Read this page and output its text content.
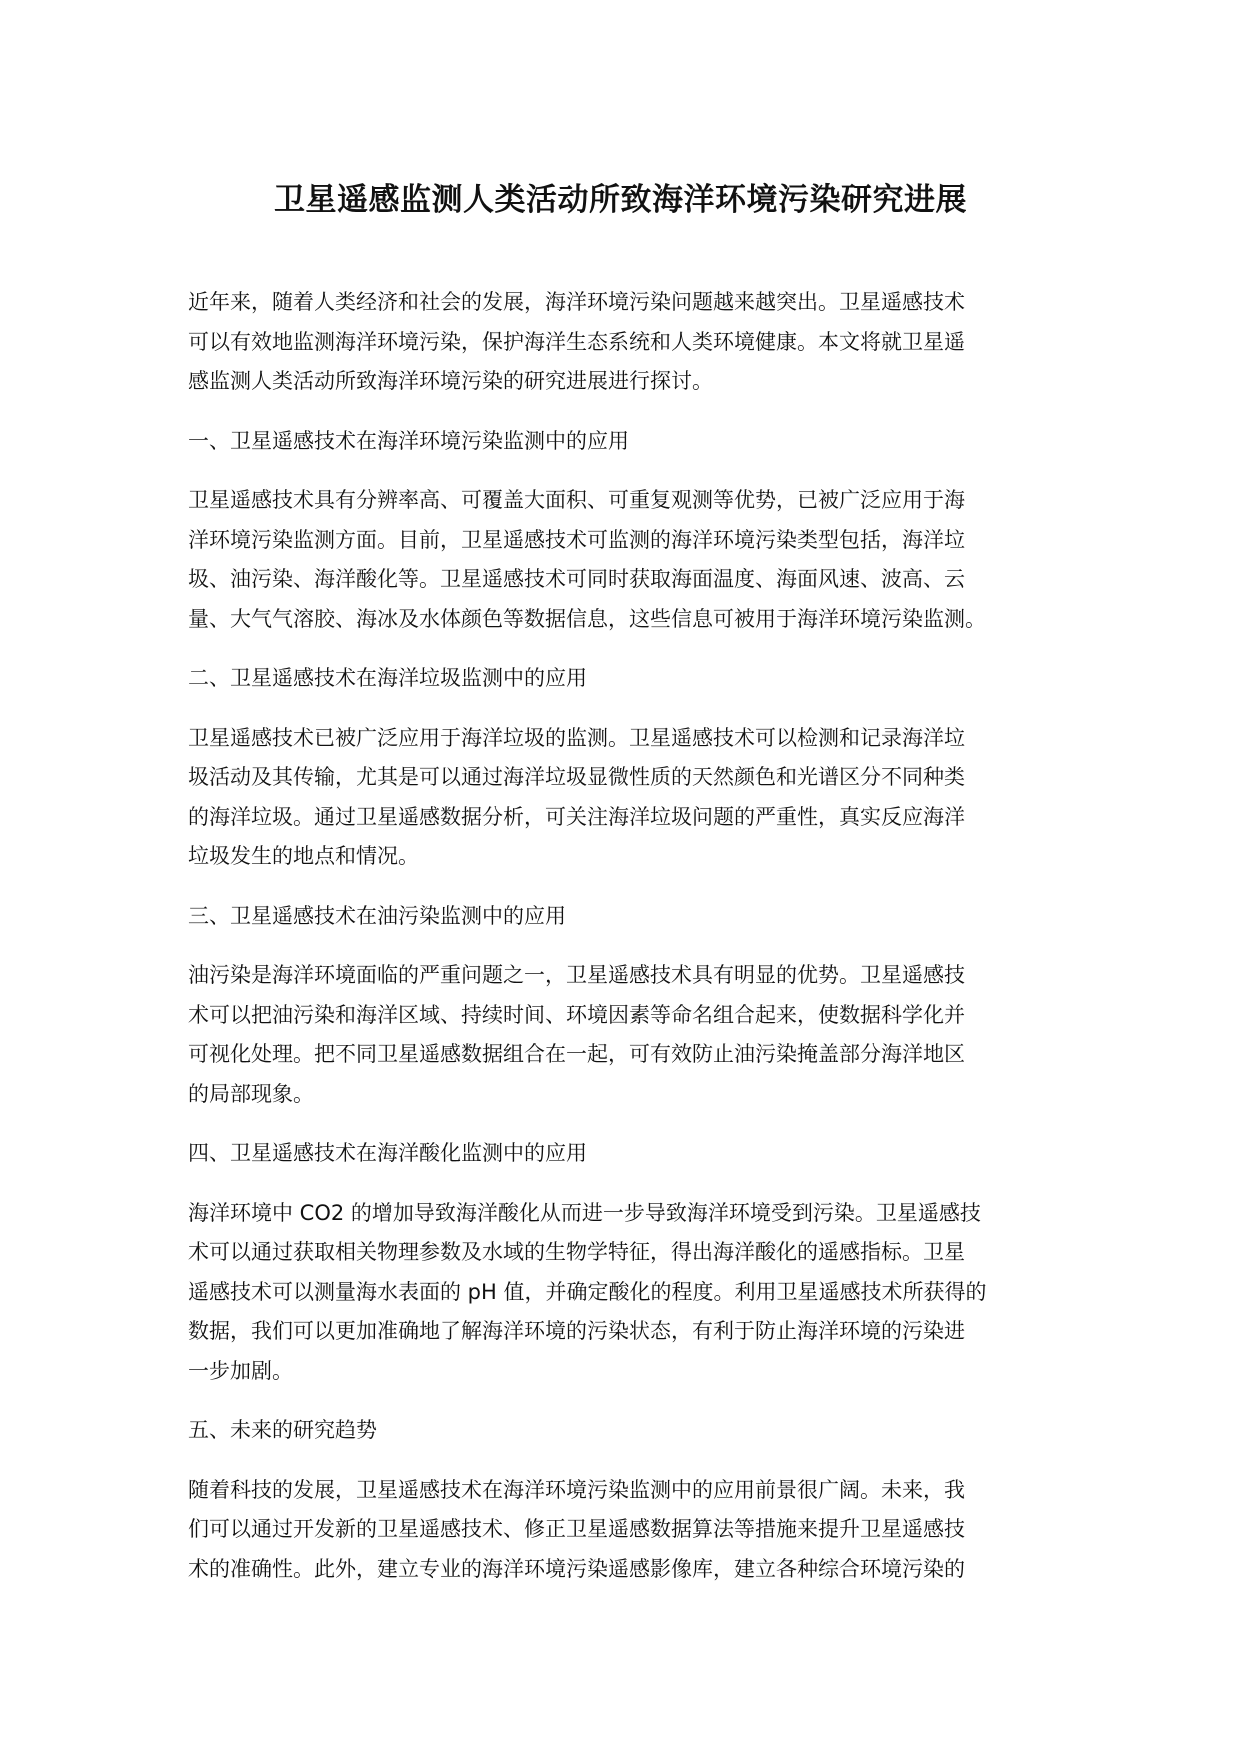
卫星遥感监测人类活动所致海洋环境污染研究进展

近年来，随着人类经济和社会的发展，海洋环境污染问题越来越突出。卫星遥感技术
可以有效地监测海洋环境污染，保护海洋生态系统和人类环境健康。本文将就卫星遥
感监测人类活动所致海洋环境污染的研究进展进行探讨。

一、卫星遥感技术在海洋环境污染监测中的应用

卫星遥感技术具有分辨率高、可覆盖大面积、可重复观测等优势，已被广泛应用于海
洋环境污染监测方面。目前，卫星遥感技术可监测的海洋环境污染类型包括，海洋垃
圾、油污染、海洋酸化等。卫星遥感技术可同时获取海面温度、海面风速、波高、云
量、大气气溶胶、海冰及水体颜色等数据信息，这些信息可被用于海洋环境污染监测。

二、卫星遥感技术在海洋垃圾监测中的应用

卫星遥感技术已被广泛应用于海洋垃圾的监测。卫星遥感技术可以检测和记录海洋垃
圾活动及其传输，尤其是可以通过海洋垃圾显微性质的天然颜色和光谱区分不同种类
的海洋垃圾。通过卫星遥感数据分析，可关注海洋垃圾问题的严重性，真实反应海洋
垃圾发生的地点和情况。

三、卫星遥感技术在油污染监测中的应用

油污染是海洋环境面临的严重问题之一，卫星遥感技术具有明显的优势。卫星遥感技
术可以把油污染和海洋区域、持续时间、环境因素等命名组合起来，使数据科学化并
可视化处理。把不同卫星遥感数据组合在一起，可有效防止油污染掩盖部分海洋地区
的局部现象。

四、卫星遥感技术在海洋酸化监测中的应用

海洋环境中 CO2 的增加导致海洋酸化从而进一步导致海洋环境受到污染。卫星遥感技
术可以通过获取相关物理参数及水域的生物学特征，得出海洋酸化的遥感指标。卫星
遥感技术可以测量海水表面的 pH 值，并确定酸化的程度。利用卫星遥感技术所获得的
数据，我们可以更加准确地了解海洋环境的污染状态，有利于防止海洋环境的污染进
一步加剧。

五、未来的研究趋势

随着科技的发展，卫星遥感技术在海洋环境污染监测中的应用前景很广阔。未来，我
们可以通过开发新的卫星遥感技术、修正卫星遥感数据算法等措施来提升卫星遥感技
术的准确性。此外，建立专业的海洋环境污染遥感影像库，建立各种综合环境污染的
